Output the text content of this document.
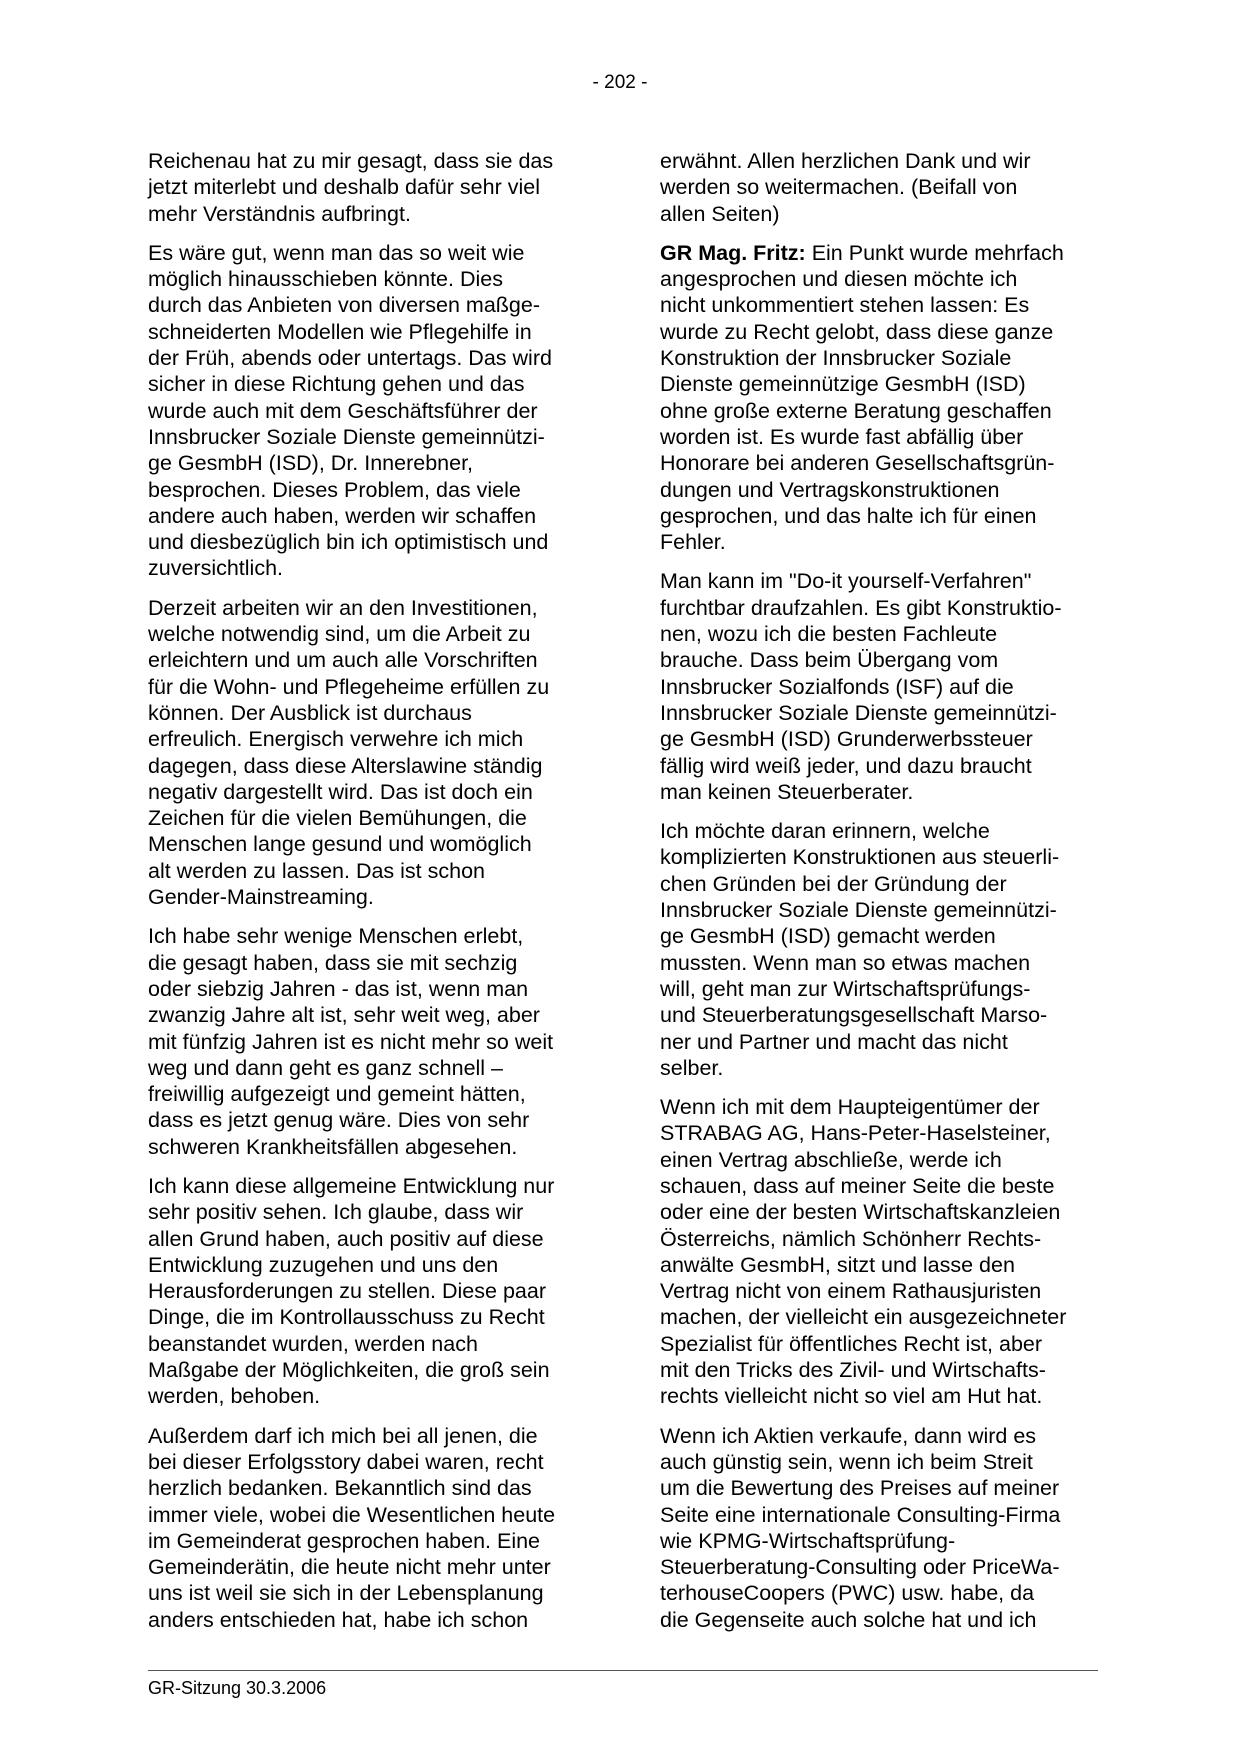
- 202 -

Reichenau hat zu mir gesagt, dass sie das
jetzt miterlebt und deshalb dafür sehr viel
mehr Verständnis aufbringt.

Es wäre gut, wenn man das so weit wie
möglich hinausschieben könnte. Dies
durch das Anbieten von diversen maßge-
schneiderten Modellen wie Pflegehilfe in
der Früh, abends oder untertags. Das wird
sicher in diese Richtung gehen und das
wurde auch mit dem Geschäftsführer der
Innsbrucker Soziale Dienste gemeinnützi-
ge GesmbH (ISD), Dr. Innerebner,
besprochen. Dieses Problem, das viele
andere auch haben, werden wir schaffen
und diesbezüglich bin ich optimistisch und
zuversichtlich.

Derzeit arbeiten wir an den Investitionen,
welche notwendig sind, um die Arbeit zu
erleichtern und um auch alle Vorschriften
für die Wohn- und Pflegeheime erfüllen zu
können. Der Ausblick ist durchaus
erfreulich. Energisch verwehre ich mich
dagegen, dass diese Alterslawine ständig
negativ dargestellt wird. Das ist doch ein
Zeichen für die vielen Bemühungen, die
Menschen lange gesund und womöglich
alt werden zu lassen. Das ist schon
Gender-Mainstreaming.

Ich habe sehr wenige Menschen erlebt,
die gesagt haben, dass sie mit sechzig
oder siebzig Jahren - das ist, wenn man
zwanzig Jahre alt ist, sehr weit weg, aber
mit fünfzig Jahren ist es nicht mehr so weit
weg und dann geht es ganz schnell –
freiwillig aufgezeigt und gemeint hätten,
dass es jetzt genug wäre. Dies von sehr
schweren Krankheitsfällen abgesehen.

Ich kann diese allgemeine Entwicklung nur
sehr positiv sehen. Ich glaube, dass wir
allen Grund haben, auch positiv auf diese
Entwicklung zuzugehen und uns den
Herausforderungen zu stellen. Diese paar
Dinge, die im Kontrollausschuss zu Recht
beanstandet wurden, werden nach
Maßgabe der Möglichkeiten, die groß sein
werden, behoben.

Außerdem darf ich mich bei all jenen, die
bei dieser Erfolgsstory dabei waren, recht
herzlich bedanken. Bekanntlich sind das
immer viele, wobei die Wesentlichen heute
im Gemeinderat gesprochen haben. Eine
Gemeinderätin, die heute nicht mehr unter
uns ist weil sie sich in der Lebensplanung
anders entschieden hat, habe ich schon

erwähnt. Allen herzlichen Dank und wir
werden so weitermachen. (Beifall von
allen Seiten)

GR Mag. Fritz: Ein Punkt wurde mehrfach
angesprochen und diesen möchte ich
nicht unkommentiert stehen lassen: Es
wurde zu Recht gelobt, dass diese ganze
Konstruktion der Innsbrucker Soziale
Dienste gemeinnützige GesmbH (ISD)
ohne große externe Beratung geschaffen
worden ist. Es wurde fast abfällig über
Honorare bei anderen Gesellschaftsgrün-
dungen und Vertragskonstruktionen
gesprochen, und das halte ich für einen
Fehler.

Man kann im "Do-it yourself-Verfahren"
furchtbar draufzahlen. Es gibt Konstruktio-
nen, wozu ich die besten Fachleute
brauche. Dass beim Übergang vom
Innsbrucker Sozialfonds (ISF) auf die
Innsbrucker Soziale Dienste gemeinnützi-
ge GesmbH (ISD) Grunderwerbssteuer
fällig wird weiß jeder, und dazu braucht
man keinen Steuerberater.

Ich möchte daran erinnern, welche
komplizierten Konstruktionen aus steuerli-
chen Gründen bei der Gründung der
Innsbrucker Soziale Dienste gemeinnützi-
ge GesmbH (ISD) gemacht werden
mussten. Wenn man so etwas machen
will, geht man zur Wirtschaftsprüfungs-
und Steuerberatungsgesellschaft Marso-
ner und Partner und macht das nicht
selber.

Wenn ich mit dem Haupteigentümer der
STRABAG AG, Hans-Peter-Haselsteiner,
einen Vertrag abschließe, werde ich
schauen, dass auf meiner Seite die beste
oder eine der besten Wirtschaftskanzleien
Österreichs, nämlich Schönherr Rechts-
anwälte GesmbH, sitzt und lasse den
Vertrag nicht von einem Rathausjuristen
machen, der vielleicht ein ausgezeichneter
Spezialist für öffentliches Recht ist, aber
mit den Tricks des Zivil- und Wirtschafts-
rechts vielleicht nicht so viel am Hut hat.

Wenn ich Aktien verkaufe, dann wird es
auch günstig sein, wenn ich beim Streit
um die Bewertung des Preises auf meiner
Seite eine internationale Consulting-Firma
wie KPMG-Wirtschaftsprüfung-
Steuerberatung-Consulting oder PriceWa-
terhouseCoopers (PWC) usw. habe, da
die Gegenseite auch solche hat und ich

GR-Sitzung 30.3.2006
